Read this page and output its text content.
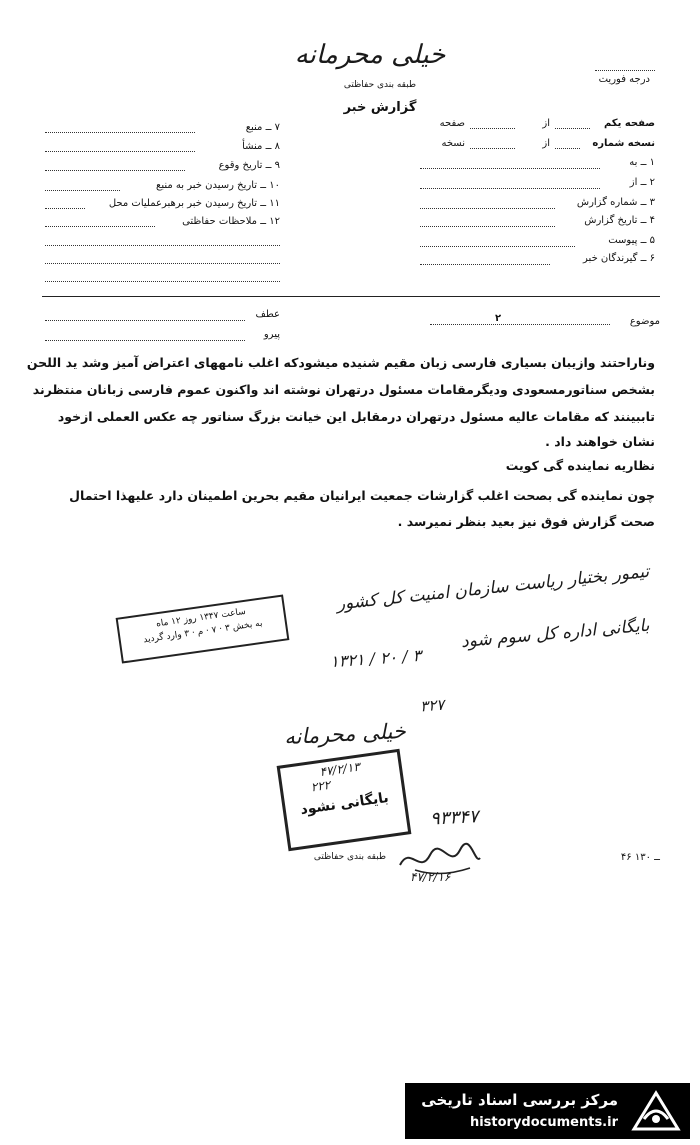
خیلی محرمانه
طبقه بندی حفاظتی
گزارش خبر
درجه فوریت
صفحه یکم
از
صفحه
نسخه شماره
از
نسخه
۱ ــ به
۲ ــ از
۳ ــ شماره گزارش
۴ ــ تاریخ گزارش
۵ ــ پیوست
۶ ــ گیرندگان خبر
۷ ــ منبع
۸ ــ منشأ
۹ ــ تاریخ وقوع
۱۰ ــ تاریخ رسیدن خبر به منبع
۱۱ ــ تاریخ رسیدن خبر برهبرعملیات محل
۱۲ ــ ملاحظات حفاظتی
موضوع
۲
عطف
پیرو
وناراحتند وازیبان بسیاری فارسی زبان مقیم شنیده میشودکه اغلب نامههای اعتراض آمیز وشد ید اللحن
بشخص سناتورمسعودی ودیگرمقامات مسئول درتهران نوشته اند واکنون عموم فارسی زبانان منتظرند
تاببینند که مقامات عالیه مسئول درتهران درمقابل این خیانت بزرگ سناتور چه عکس العملی ازخود
نشان خواهند داد .
نظاریه نماینده گی کویت
چون نماینده گی بصحت اغلب گزارشات جمعیت ایرانیان مقیم بحرین اطمینان دارد علیهذا احتمال
صحت گزارش فوق نیز بعید بنظر نمیرسد .
تیمور بختیار ریاست سازمان امنیت کل کشور
بایگانی اداره کل سوم شود
ساعت ۱۳۴۷ روز ۱۲ ماه
به بخش ۳ · ۷ · م · ۳ وارد گردید
۱۳۲۱ / ۲۰ / ۳
۳۲۷
خیلی محرمانه
۴۷/۲/۱۳
۲۲۲
بایگانی نشود	۹۳۳۴۷
۴۷/۲/۱۶
طبقه بندی حفاظتی	۴۶ ــ ۱۳۰
مرکز بررسی اسناد تاریخی
historydocuments.ir
